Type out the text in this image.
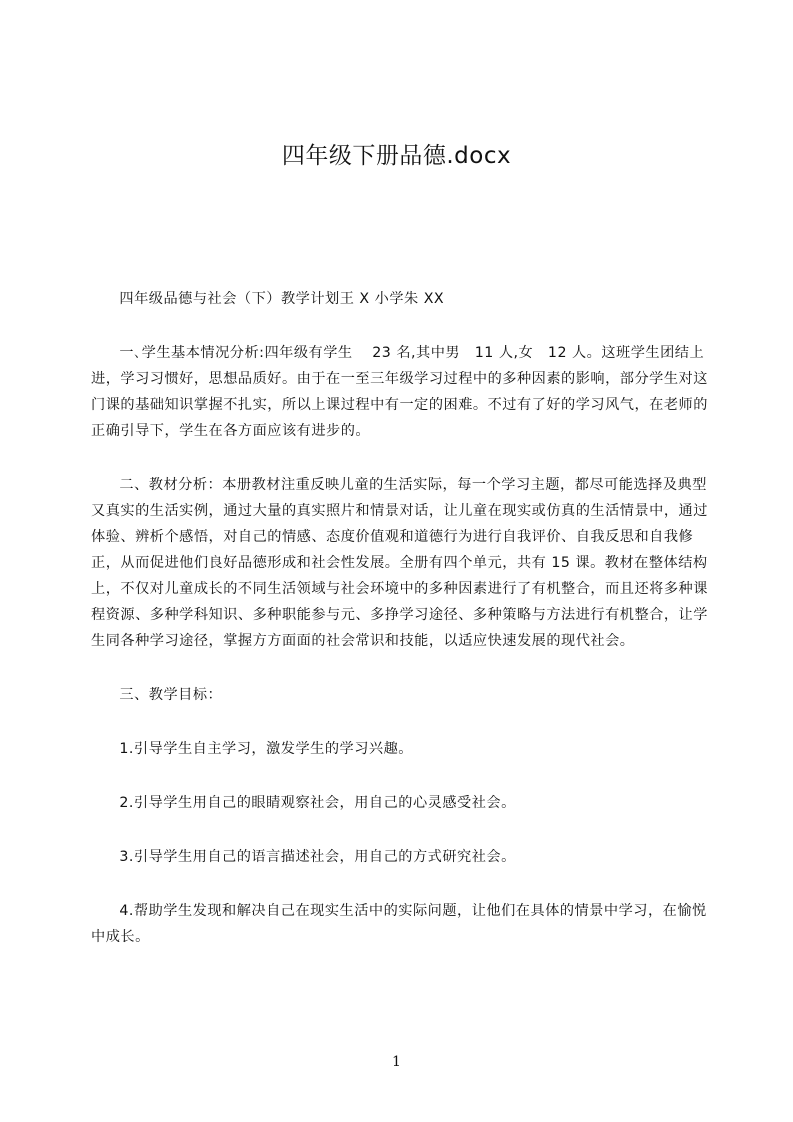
四年级下册品德.docx

四年级品德与社会（下）教学计划王 X 小学朱 XX

一､学生基本情况分析:四年级有学生　 23 名,其中男　11 人,女　12 人。这班学生团结上进，学习习惯好，思想品质好。由于在一至三年级学习过程中的多种因素的影响，部分学生对这门课的基础知识掌握不扎实，所以上课过程中有一定的困难。不过有了好的学习风气，在老师的正确引导下，学生在各方面应该有进步的。

二、教材分析：本册教材注重反映儿童的生活实际，每一个学习主题，都尽可能选择及典型又真实的生活实例，通过大量的真实照片和情景对话，让儿童在现实或仿真的生活情景中，通过体验、辨析个感悟，对自己的情感、态度价值观和道德行为进行自我评价、自我反思和自我修正，从而促进他们良好品德形成和社会性发展。全册有四个单元，共有 15 课。教材在整体结构上，不仅对儿童成长的不同生活领域与社会环境中的多种因素进行了有机整合，而且还将多种课程资源、多种学科知识、多种职能参与元、多挣学习途径、多种策略与方法进行有机整合，让学生同各种学习途径，掌握方方面面的社会常识和技能，以适应快速发展的现代社会。

三、教学目标：

1.引导学生自主学习，激发学生的学习兴趣。

2.引导学生用自己的眼睛观察社会，用自己的心灵感受社会。

3.引导学生用自己的语言描述社会，用自己的方式研究社会。

4.帮助学生发现和解决自己在现实生活中的实际问题，让他们在具体的情景中学习，在愉悦中成长。

1
